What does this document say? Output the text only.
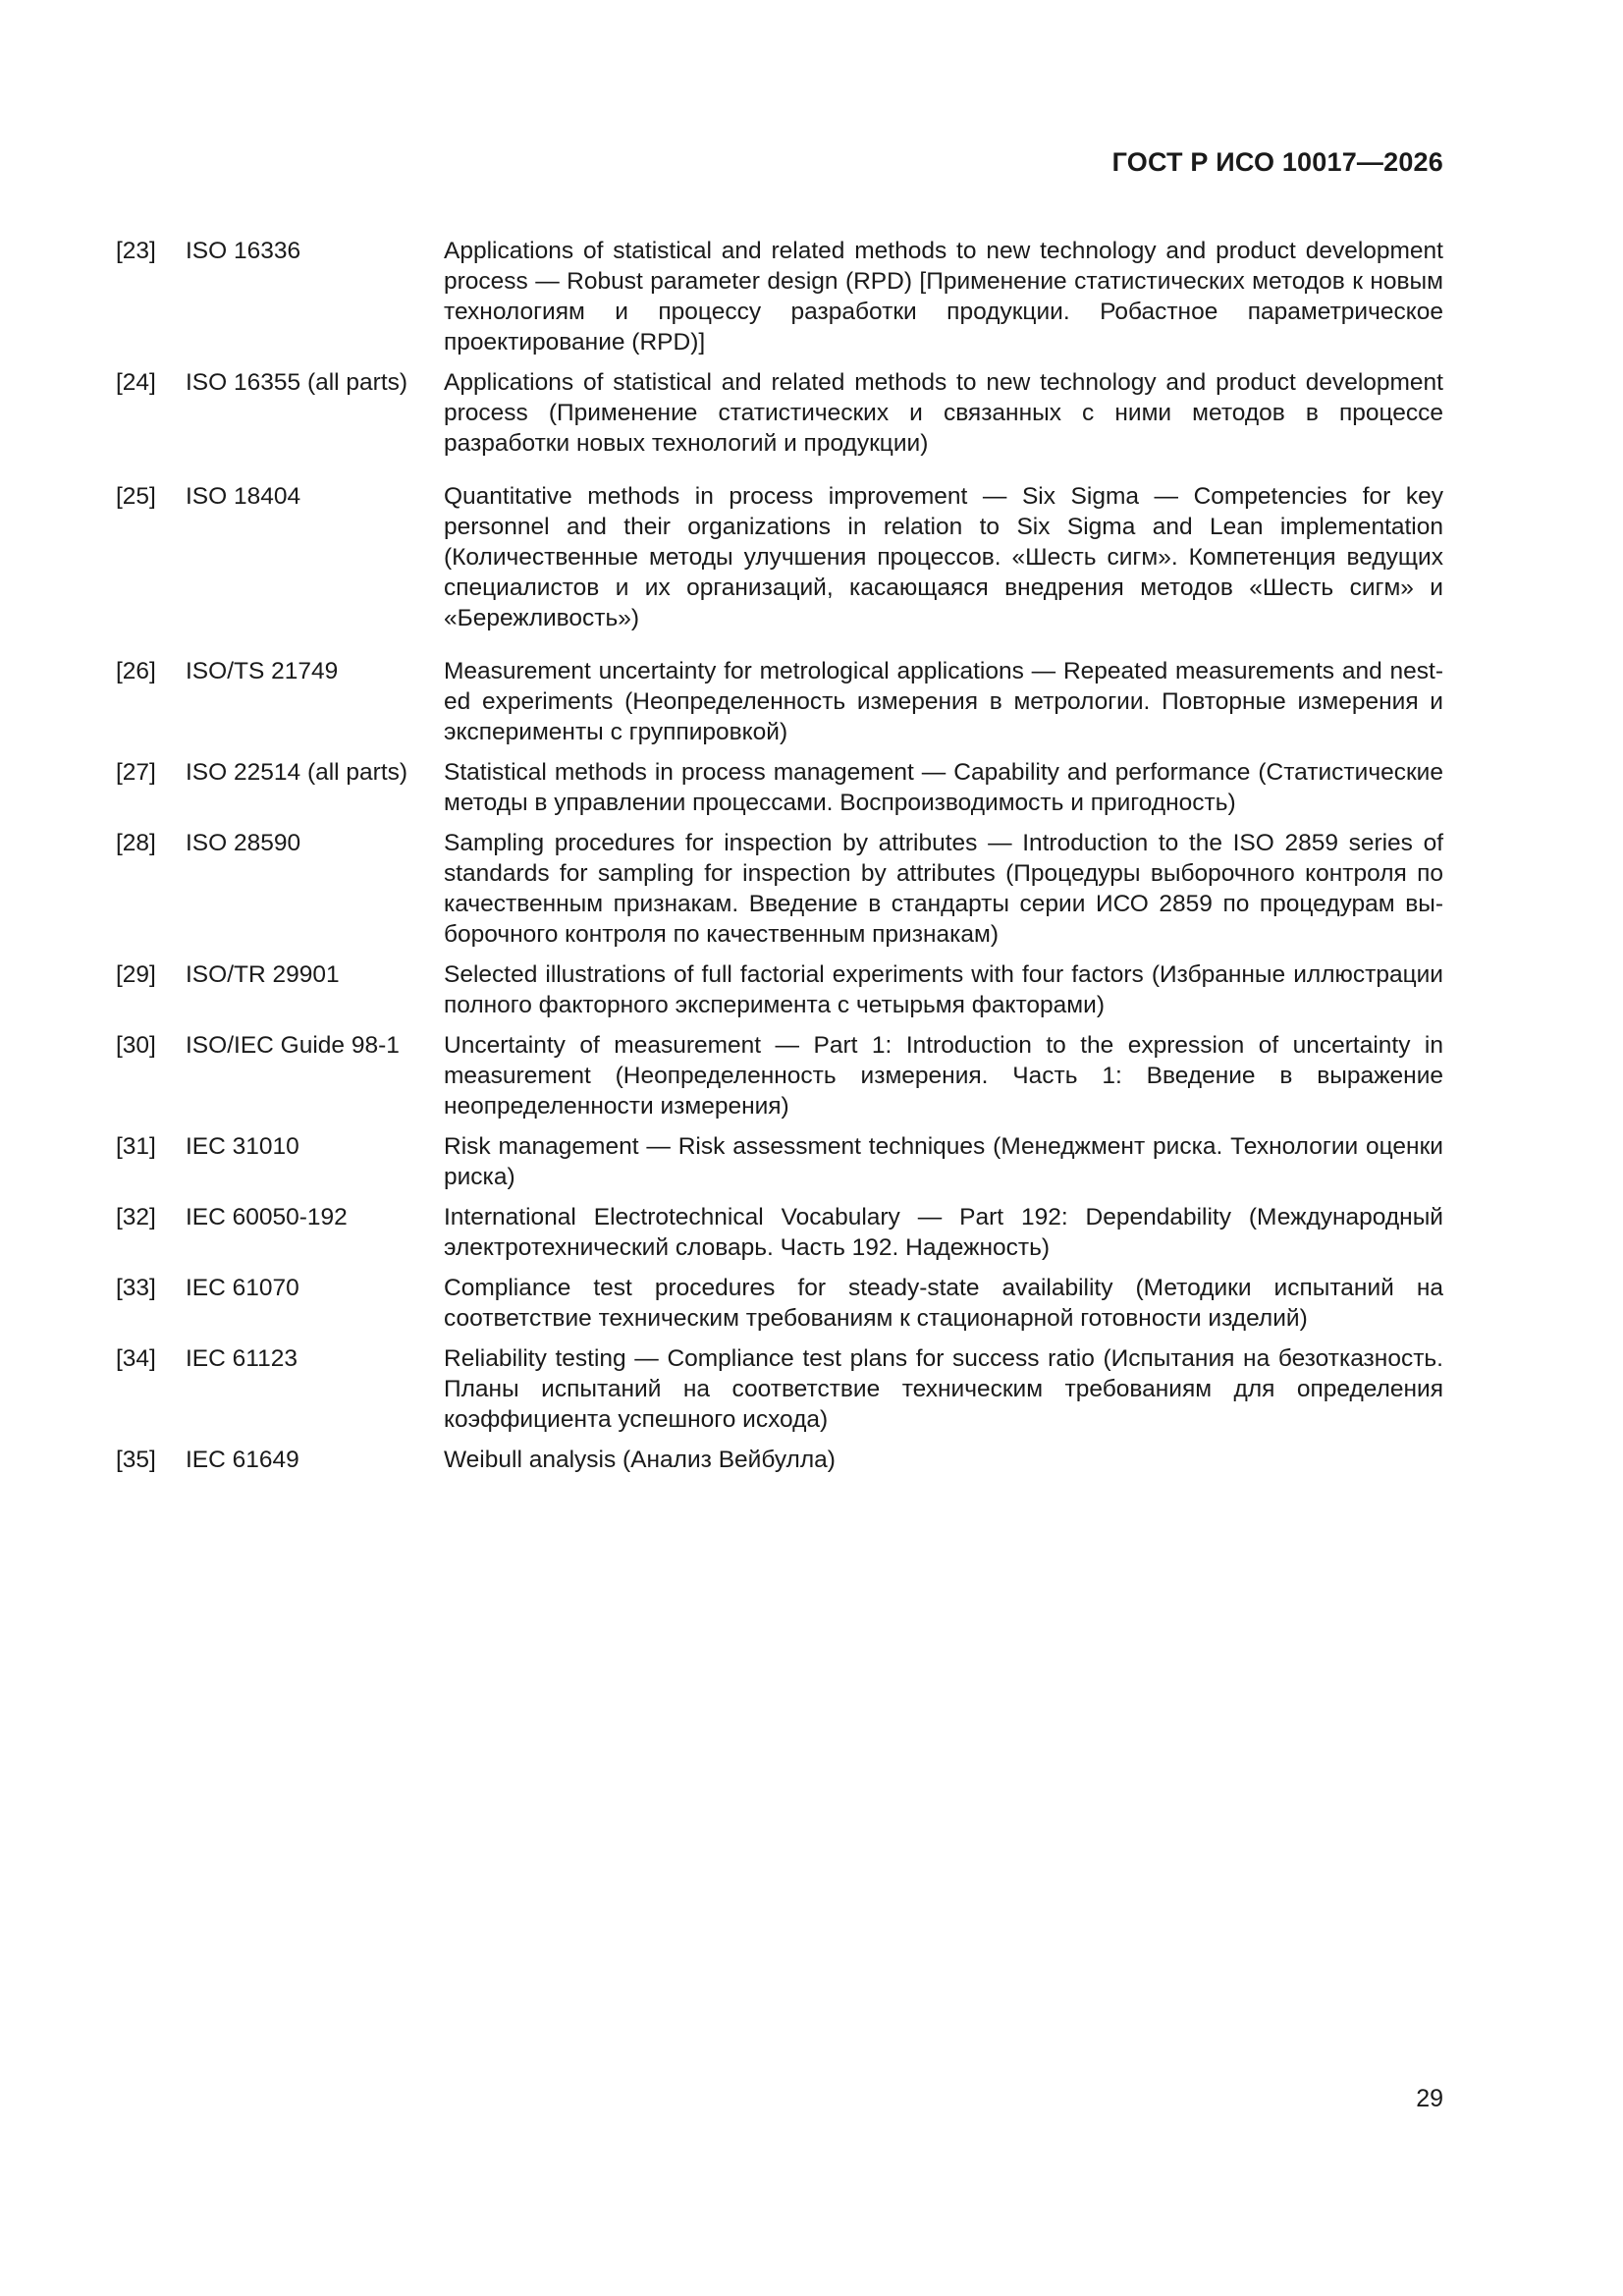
ГОСТ Р ИСО 10017—2026
[23]	ISO 16336	Applications of statistical and related methods to new technology and product development process — Robust parameter design (RPD) [Применение статистических методов к новым технологиям и процессу разработки продукции. Робастное параметрическое проектирование (RPD)]
[24]	ISO 16355 (all parts)	Applications of statistical and related methods to new technology and product development process (Применение статистических и связанных с ними методов в процессе разработки новых технологий и продукции)
[25]	ISO 18404	Quantitative methods in process improvement — Six Sigma — Competencies for key personnel and their organizations in relation to Six Sigma and Lean implementation (Количественные методы улучшения процессов. «Шесть сигм». Компетенция ведущих специалистов и их организаций, касающаяся внедрения методов «Шесть сигм» и «Бережливость»)
[26]	ISO/TS 21749	Measurement uncertainty for metrological applications — Repeated measurements and nested experiments (Неопределенность измерения в метрологии. Повторные измерения и эксперименты с группировкой)
[27]	ISO 22514 (all parts)	Statistical methods in process management — Capability and performance (Статистические методы в управлении процессами. Воспроизводимость и пригодность)
[28]	ISO 28590	Sampling procedures for inspection by attributes — Introduction to the ISO 2859 series of standards for sampling for inspection by attributes (Процедуры выборочного контроля по качественным признакам. Введение в стандарты серии ИСО 2859 по процедурам выборочного контроля по качественным признакам)
[29]	ISO/TR 29901	Selected illustrations of full factorial experiments with four factors (Избранные иллюстрации полного факторного эксперимента с четырьмя факторами)
[30]	ISO/IEC Guide 98-1	Uncertainty of measurement — Part 1: Introduction to the expression of uncertainty in measurement (Неопределенность измерения. Часть 1: Введение в выражение неопределенности измерения)
[31]	IEC 31010	Risk management — Risk assessment techniques (Менеджмент риска. Технологии оценки риска)
[32]	IEC 60050-192	International Electrotechnical Vocabulary — Part 192: Dependability (Международный электротехнический словарь. Часть 192. Надежность)
[33]	IEC 61070	Compliance test procedures for steady-state availability (Методики испытаний на соответствие техническим требованиям к стационарной готовности изделий)
[34]	IEC 61123	Reliability testing — Compliance test plans for success ratio (Испытания на безотказность. Планы испытаний на соответствие техническим требованиям для определения коэффициента успешного исхода)
[35]	IEC 61649	Weibull analysis (Анализ Вейбулла)
29
